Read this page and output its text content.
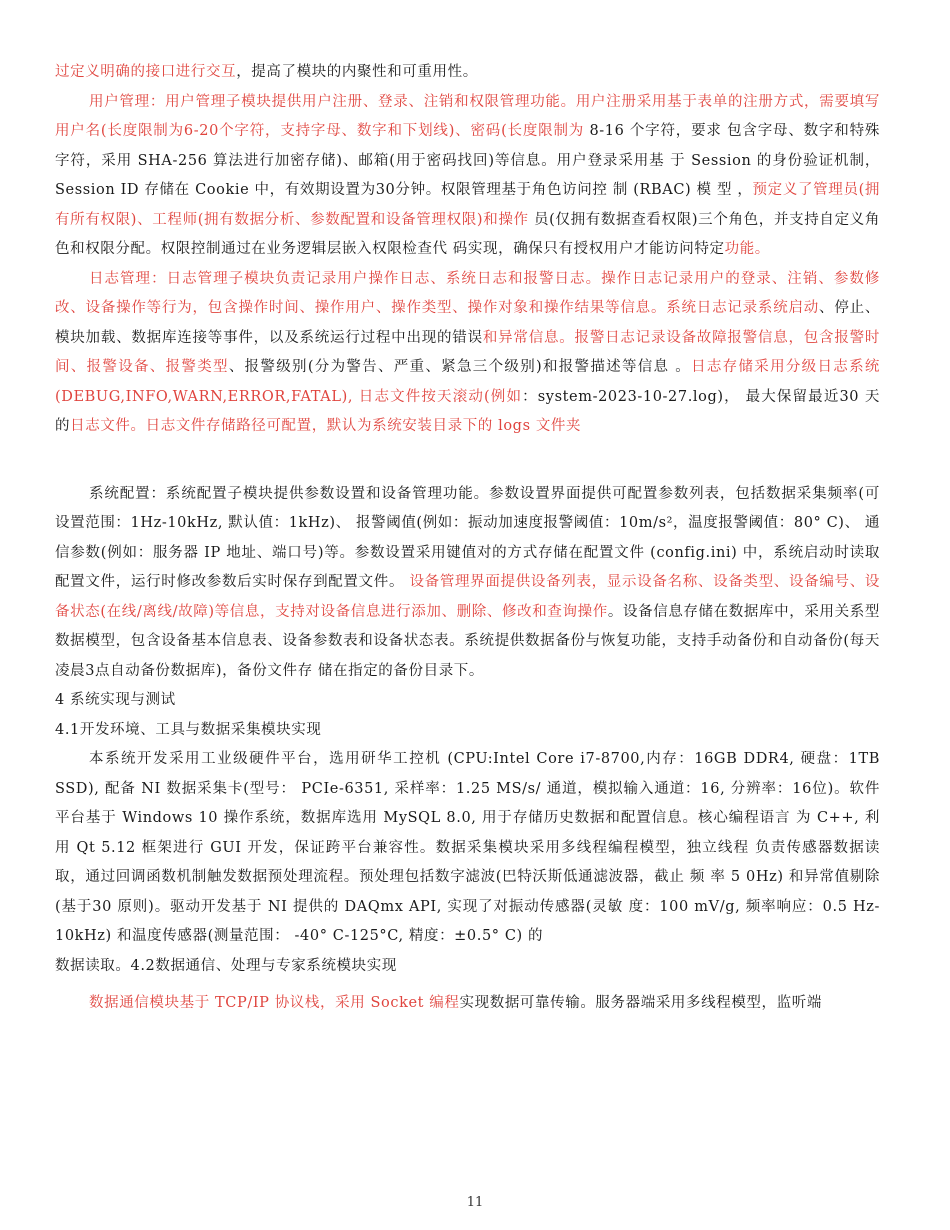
过定义明确的接口进行交互，提高了模块的内聚性和可重用性。

用户管理：用户管理子模块提供用户注册、登录、注销和权限管理功能。用户注册采用基于表单的注册方式，需要填写用户名(长度限制为6-20个字符，支持字母、数字和下划线)、密码(长度限制为 8-16 个字符，要求 包含字母、数字和特殊字符，采用 SHA-256 算法进行加密存储)、邮箱(用于密码找回)等信息。用户登录采用基 于 Session 的身份验证机制， Session ID 存储在 Cookie 中，有效期设置为30分钟。权限管理基于角色访问控 制 (RBAC) 模 型 ，预定义了管理员(拥有所有权限)、工程师(拥有数据分析、参数配置和设备管理权限)和操作 员(仅拥有数据查看权限)三个角色，并支持自定义角色和权限分配。权限控制通过在业务逻辑层嵌入权限检查代 码实现，确保只有授权用户才能访问特定功能。

日志管理：日志管理子模块负责记录用户操作日志、系统日志和报警日志。操作日志记录用户的登录、注销、参数修改、设备操作等行为，包含操作时间、操作用户、操作类型、操作对象和操作结果等信息。系统日志记录系统启动、停止、模块加载、数据库连接等事件，以及系统运行过程中出现的错误和异常信息。报警日志记录设备故障报警信息，包含报警时间、报警设备、报警类型、报警级别(分为警告、严重、紧急三个级别)和报警描述等信息 。日志存储采用分级日志系统(DEBUG,INFO,WARN,ERROR,FATAL), 日志文件按天滚动(例如：system-2023-10-27.log)， 最大保留最近30 天 的日志文件。日志文件存储路径可配置，默认为系统安装目录下的 logs 文件夹

系统配置：系统配置子模块提供参数设置和设备管理功能。参数设置界面提供可配置参数列表，包括数据采集频率(可设置范围：1Hz-10kHz, 默认值：1kHz)、 报警阈值(例如：振动加速度报警阈值：10m/s²，温度报警阈值：80° C)、 通信参数(例如：服务器 IP 地址、端口号)等。参数设置采用键值对的方式存储在配置文件 (config.ini) 中，系统启动时读取配置文件，运行时修改参数后实时保存到配置文件。 设备管理界面提供设备列表，显示设备名称、设备类型、设备编号、设备状态(在线/离线/故障)等信息，支持对设备信息进行添加、删除、修改和查询操作。设备信息存储在数据库中，采用关系型数据模型，包含设备基本信息表、设备参数表和设备状态表。系统提供数据备份与恢复功能，支持手动备份和自动备份(每天凌晨3点自动备份数据库)，备份文件存 储在指定的备份目录下。

4 系统实现与测试

4.1开发环境、工具与数据采集模块实现

本系统开发采用工业级硬件平台，选用研华工控机 (CPU:Intel Core i7-8700,内存：16GB DDR4, 硬盘：1TB SSD), 配备 NI 数据采集卡(型号： PCIe-6351, 采样率：1.25 MS/s/ 通道，模拟输入通道：16, 分辨率：16位)。软件平台基于 Windows 10 操作系统，数据库选用 MySQL 8.0, 用于存储历史数据和配置信息。核心编程语言 为 C++, 利 用 Qt 5.12 框架进行 GUI 开发，保证跨平台兼容性。数据采集模块采用多线程编程模型，独立线程 负责传感器数据读取，通过回调函数机制触发数据预处理流程。预处理包括数字滤波(巴特沃斯低通滤波器，截止 频 率 5 0Hz) 和异常值剔除(基于30 原则)。驱动开发基于 NI 提供的 DAQmx API, 实现了对振动传感器(灵敏 度：100 mV/g, 频率响应：0.5 Hz-10kHz) 和温度传感器(测量范围： -40° C-125°C, 精度：±0.5° C) 的

数据读取。4.2数据通信、处理与专家系统模块实现

数据通信模块基于 TCP/IP 协议栈，采用 Socket 编程实现数据可靠传输。服务器端采用多线程模型，监听端

11
